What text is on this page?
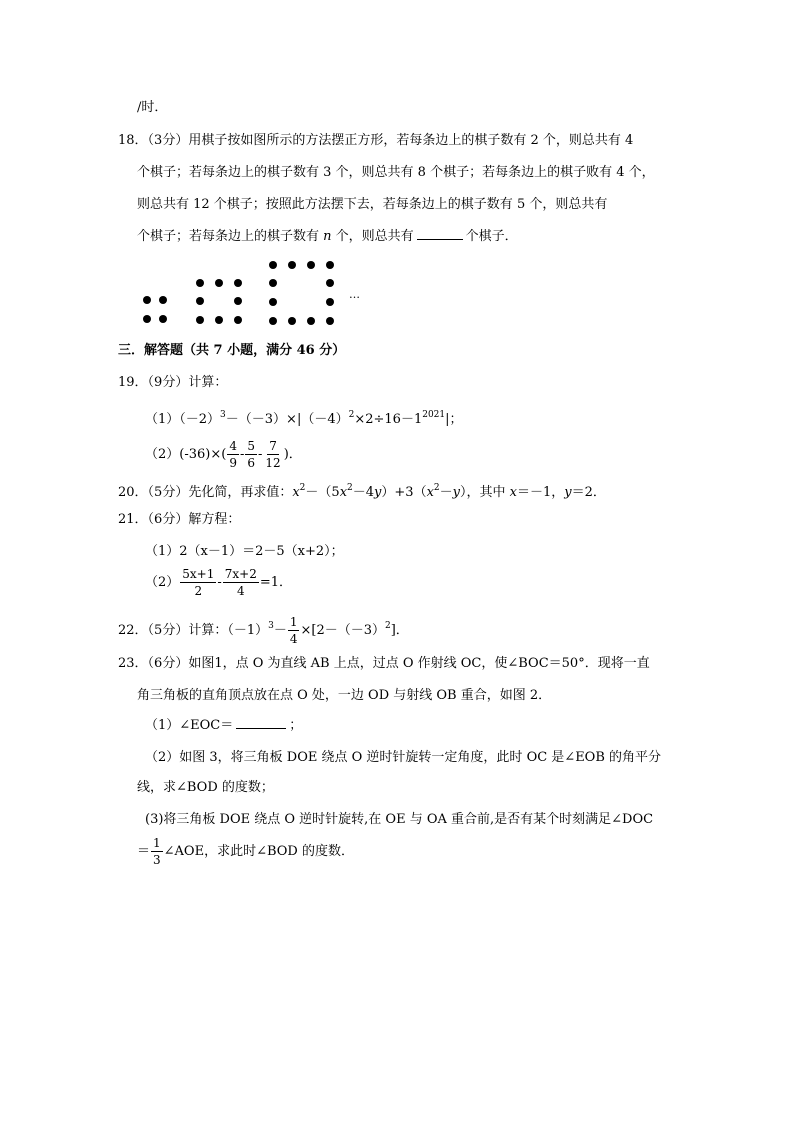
/时．
18．（3分）用棋子按如图所示的方法摆正方形，若每条边上的棋子数有 2 个，则总共有 4
个棋子；若每条边上的棋子数有 3 个，则总共有 8 个棋子；若每条边上的棋子败有 4 个，
则总共有 12 个棋子；按照此方法摆下去，若每条边上的棋子数有 5 个，则总共有
个棋子；若每条边上的棋子数有 n 个，则总共有	个棋子．
…
三．解答题（共 7 小题，满分 46 分）
19．（9分）计算：
$(1)(-2)^3-(-3)\times|(-4)^2\times 2\div 16-1^{2021}|$；
$(2)(-36)\times( \frac{4}{9} - \frac{5}{6} - \frac{7}{12}$ )．
20．（5分）先化简，再求值：$x^2-(5x^2-4y)+3(x^2-y)$，其中 x＝－1，y＝2．
21．（6分）解方程：
（1）2（x－1）＝2－5（x+2）；
$(2) \frac{5x+1}{2} - \frac{7x+2}{4} =1$．
22．（5分）计算：$(-1)^3- \frac{1}{4} \times[2-(-3)^2]$．
23．（6分）如图1，点 O 为直线 AB 上点，过点 O 作射线 OC，使∠BOC＝50°．现将一直
角三角板的直角顶点放在点 O 处，一边 OD 与射线 OB 重合，如图 2．
（1）∠EOC＝	；
（2）如图 3，将三角板 DOE 绕点 O 逆时针旋转一定角度，此时 OC 是∠EOB 的角平分
线，求∠BOD 的度数；
(3)将三角板 DOE 绕点 O 逆时针旋转,在 OE 与 OA 重合前,是否有某个时刻满足∠DOC
＝ $\frac{1}{3}$ ∠AOE，求此时∠BOD 的度数．
